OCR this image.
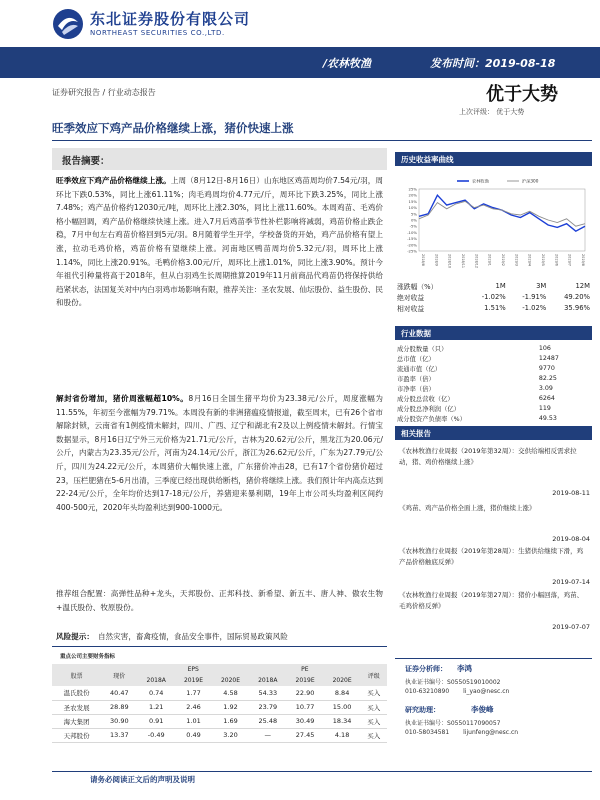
东北证券股份有限公司
NORTHEAST SECURITIES CO.,LTD.
/农林牧渔	发布时间：2019-08-18
证券研究报告 / 行业动态报告	优于大势
上次评级： 优于大势
旺季效应下鸡产品价格继续上涨，猪价快速上涨
报告摘要：
旺季效应下鸡产品价格继续上涨。上周（8月12日-8月16日）山东地区鸡苗周均价7.54元/羽，周环比下跌0.53%，同比上涨61.11%；肉毛鸡周均价4.77元/斤，周环比下跌3.25%，同比上涨7.48%；鸡产品价格约12030元/吨，周环比上涨2.30%，同比上涨11.60%。本周鸡苗、毛鸡价格小幅回调，鸡产品价格继续快速上涨。进入7月后鸡苗季节性补栏影响将减弱，鸡苗价格止跌企稳，7月中旬左右鸡苗价格回到5元/羽。8月随着学生开学，学校备货的开始，鸡产品价格有望上涨，拉动毛鸡价格，鸡苗价格有望继续上涨。河南地区鸭苗周均价5.32元/羽，周环比上涨1.14%，同比上涨20.91%。毛鸭价格3.00元/斤，周环比上涨1.01%，同比上涨3.90%。预计今年祖代引种量将高于2018年，但从白羽鸡生长周期推算2019年11月前商品代鸡苗仍将保持供给趋紧状态，法国复关对中内白羽鸡市场影响有限，推荐关注：圣农发展、仙坛股份、益生股份、民和股份。
解封省份增加，猪价周涨幅超10%。8月16日全国生猪平均价为23.38元/公斤，周度涨幅为11.55%，年初至今涨幅为79.71%。本周没有新的非洲猪瘟疫情报道，截至周末，已有26个省市解除封锁，云南省有1例疫情未解封，四川、广西、辽宁和湖北有2及以上例疫情未解封。行情宝数据显示，8月16日辽宁外三元价格为21.71元/公斤，吉林为20.62元/公斤，黑龙江为20.06元/公斤，内蒙古为23.35元/公斤，河南为24.14元/公斤，浙江为26.62元/公斤，广东为27.79元/公斤，四川为24.22元/公斤，本周猪价大幅快速上涨，广东猪价冲击28，已有17个省份猪价超过23，压栏肥猪在5-6月出清，三季度已经出现供给断档，猪价将继续上涨。我们预计年内高点达到22-24元/公斤，全年均价达到17-18元/公斤，养猪迎来暴利期，19年上市公司头均盈利区间约400-500元，2020年头均盈利达到900-1000元。
推荐组合配置：高弹性品种+龙头，天邦股份、正邦科技、新希望、新五丰、唐人神、傲农生物+温氏股份、牧原股份。
风险提示： 自然灾害，畜禽疫情，食品安全事件，国际贸易政策风险
重点公司主要财务指标
股票	现价	EPS			PE			评级
		2018A	2019E	2020E	2018A	2019E	2020E	
温氏股份	40.47	0.74	1.77	4.58	54.33	22.90	8.84	买入
圣农发展	28.89	1.21	2.46	1.92	23.79	10.77	15.00	买入
海大集团	30.90	0.91	1.01	1.69	25.48	30.49	18.34	买入
天邦股份	13.37	-0.49	0.49	3.20	—	27.45	4.18	买入
历史收益率曲线
25%
20%
15%
10%
5%
0%
-5%
-10%
-15%
-20%
-25%
2018/8	2018/9	2018/10	2018/11	2018/12	2019/1	2019/2	2019/3	2019/4	2019/5	2019/6	2019/7	2019/8
农林牧渔	沪深300
涨跌幅（%）	1M	3M	12M
绝对收益	-1.02%	-1.91%	49.20%
相对收益	1.51%	-1.02%	35.96%
行业数据
成分股数量（只）	106
总市值（亿）	12487
流通市值（亿）	9770
市盈率（倍）	82.25
市净率（倍）	3.09
成分股总营收（亿）	6264
成分股总净利润（亿）	119
成分股资产负债率（%）	49.53
相关报告
《农林牧渔行业周报（2019年第32周）：交供给端相反需求拉动，猪、鸡价格继续上涨》
2019-08-11
《鸡苗、鸡产品价格全面上涨，猪价继续上涨》
2019-08-04
《农林牧渔行业周报（2019年第28周）：生猪供给继续下滑，鸡产品价格触底反弹》
2019-07-14
《农林牧渔行业周报（2019年第27周）：猪价小幅回落，鸡苗、毛鸡价格反弹》
2019-07-07
证券分析师： 李鸿
执业证书编号：S0550519010002
010-63210890 li_yao@nesc.cn
研究助理：	李俊峰
执业证书编号：S0550117090057
010-58034581 lijunfeng@nesc.cn
请务必阅读正文后的声明及说明
